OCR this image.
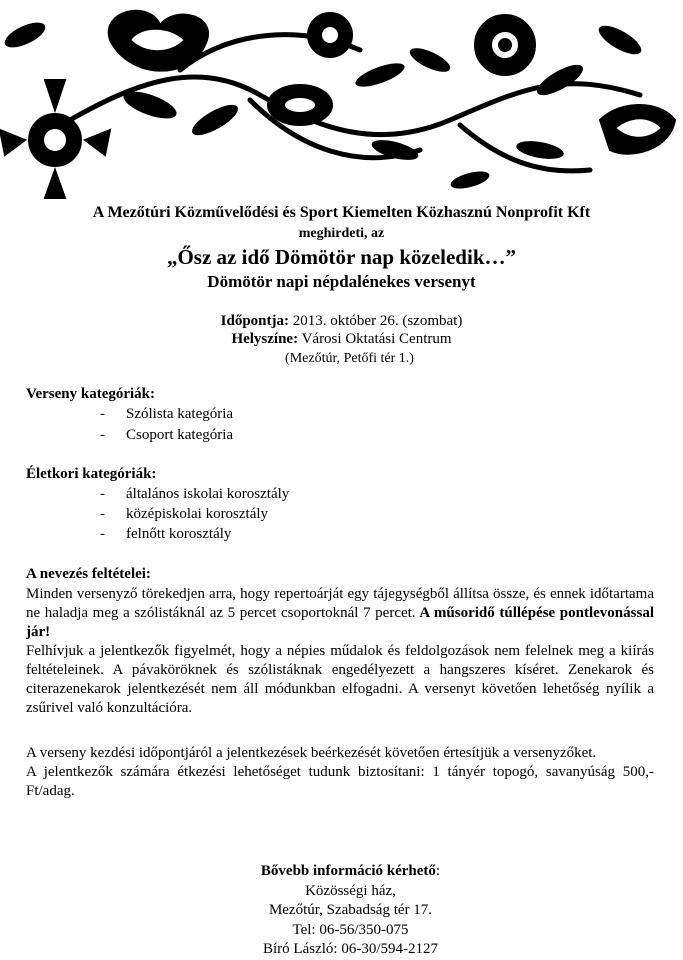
A Mezőtúri Közművelődési és Sport Kiemelten Közhasznú Nonprofit Kft
meghirdeti, az
„Ősz az idő Dömötör nap közeledik…”
Dömötör napi népdalénekes versenyt
Időpontja: 2013. október 26. (szombat)
Helyszíne: Városi Oktatási Centrum
(Mezőtúr, Petőfi tér 1.)
Verseny kategóriák:
- Szólista kategória
- Csoport kategória
Életkori kategóriák:
- általános iskolai korosztály
- középiskolai korosztály
- felnőtt korosztály
A nevezés feltételei:

Minden versenyző törekedjen arra, hogy repertoárját egy tájegységből állítsa össze, és ennek időtartama ne haladja meg a szólistáknál az 5 percet csoportoknál 7 percet. A műsoridő túllépése pontlevonással jár!

Felhívjuk a jelentkezők figyelmét, hogy a népies műdalok és feldolgozások nem felelnek meg a kiírás feltételeinek. A pávaköröknek és szólistáknak engedélyezett a hangszeres kíséret. Zenekarok és citerazenekarok jelentkezését nem áll módunkban elfogadni. A versenyt követően lehetőség nyílik a zsűrivel való konzultációra.

A verseny kezdési időpontjáról a jelentkezések beérkezését követően értesítjük a versenyzőket.

A jelentkezők számára étkezési lehetőséget tudunk biztosítani: 1 tányér topogó, savanyúság 500,-Ft/adag.

Bővebb információ kérhető:
Közösségi ház,
Mezőtúr, Szabadság tér 17.
Tel: 06-56/350-075
Bíró László: 06-30/594-2127
